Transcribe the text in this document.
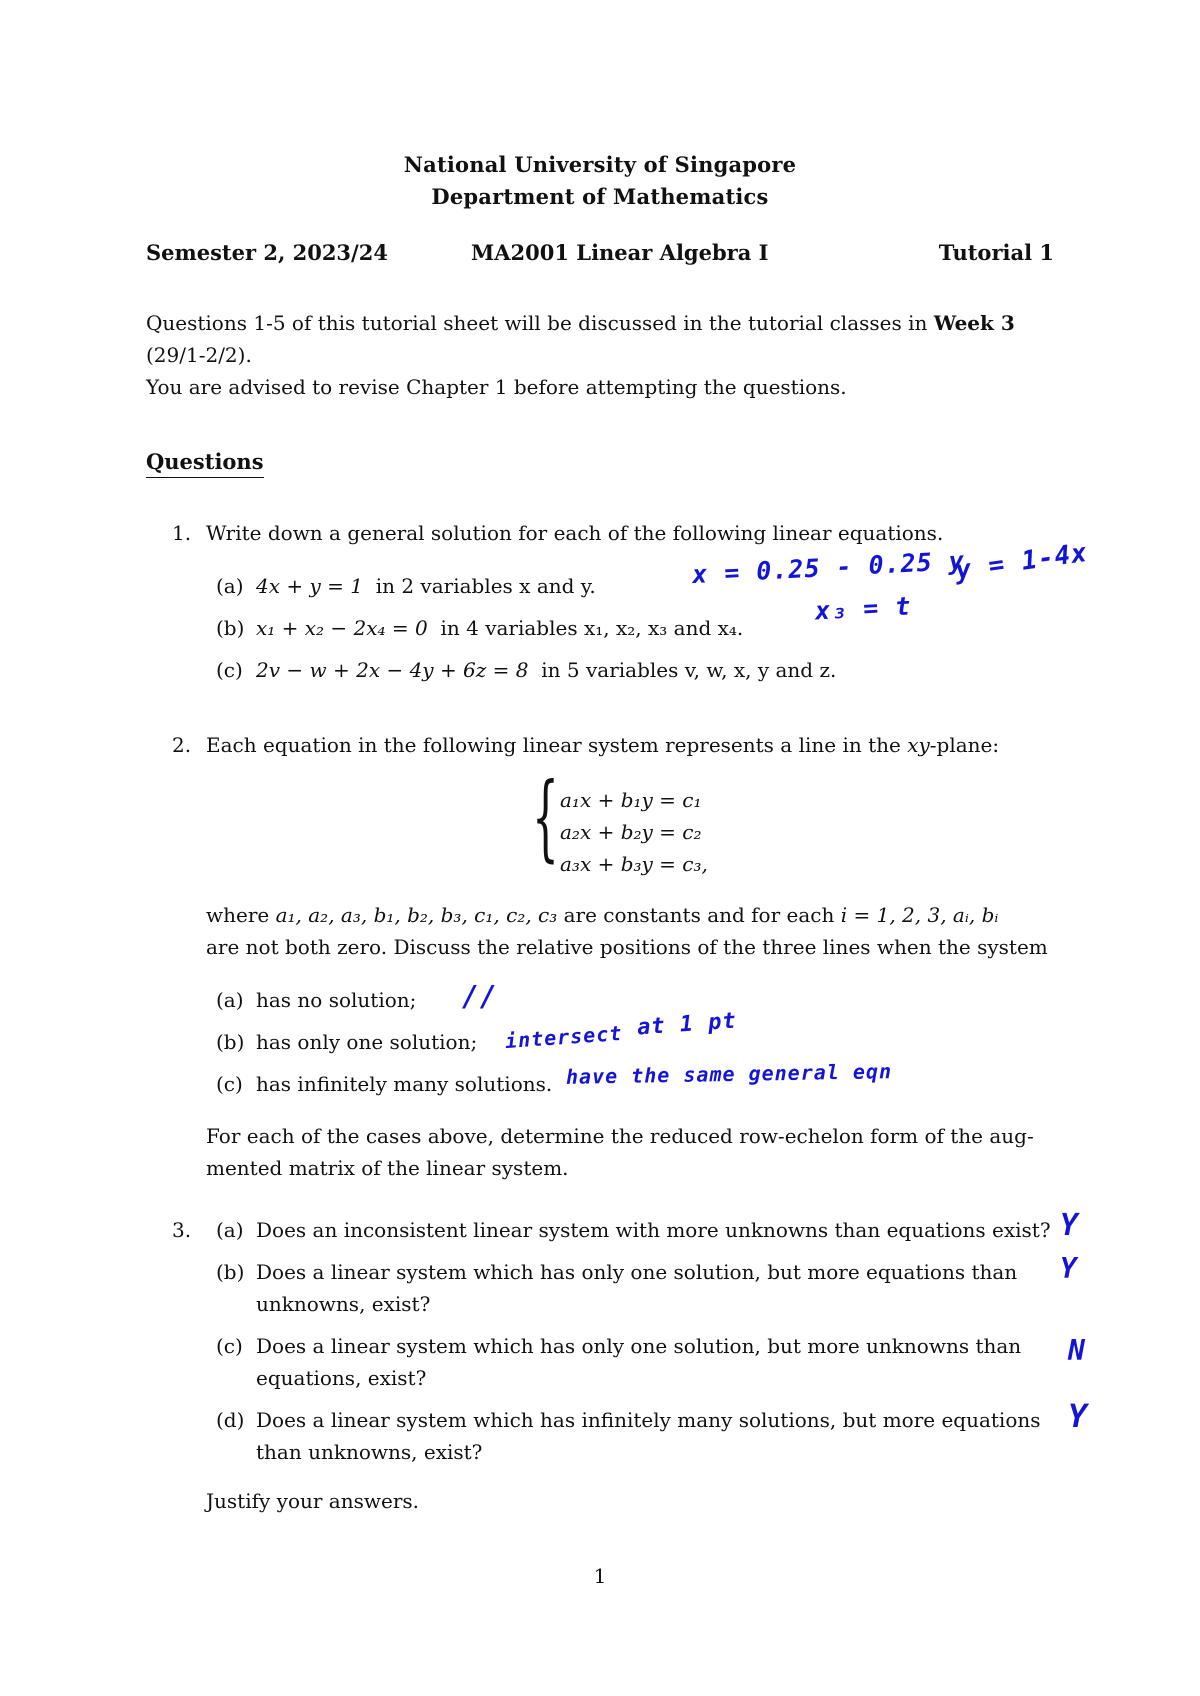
National University of Singapore
Department of Mathematics
Semester 2, 2023/24	MA2001 Linear Algebra I	Tutorial 1
Questions 1-5 of this tutorial sheet will be discussed in the tutorial classes in Week 3
(29/1-2/2).
You are advised to revise Chapter 1 before attempting the questions.
Questions
1. Write down a general solution for each of the following linear equations.
(a) 4x + y = 1 in 2 variables x and y.
(b) x₁ + x₂ − 2x₄ = 0 in 4 variables x₁, x₂, x₃ and x₄.
(c) 2v − w + 2x − 4y + 6z = 8 in 5 variables v, w, x, y and z.
x = 0.25 - 0.25 y
y = 1-4x
x₃ = t
2. Each equation in the following linear system represents a line in the xy-plane:
{ a₁x + b₁y = c₁
a₂x + b₂y = c₂
a₃x + b₃y = c₃,
where a₁, a₂, a₃, b₁, b₂, b₃, c₁, c₂, c₃ are constants and for each i = 1, 2, 3, aᵢ, bᵢ
are not both zero. Discuss the relative positions of the three lines when the system
(a) has no solution;
(b) has only one solution;
(c) has infinitely many solutions.
//
intersect at 1 pt
have the same general eqn
For each of the cases above, determine the reduced row-echelon form of the aug-
mented matrix of the linear system.
3. (a) Does an inconsistent linear system with more unknowns than equations exist?
(b) Does a linear system which has only one solution, but more equations than
unknowns, exist?
(c) Does a linear system which has only one solution, but more unknowns than
equations, exist?
(d) Does a linear system which has infinitely many solutions, but more equations
than unknowns, exist?
Justify your answers.
Y
Y
N
Y
1
